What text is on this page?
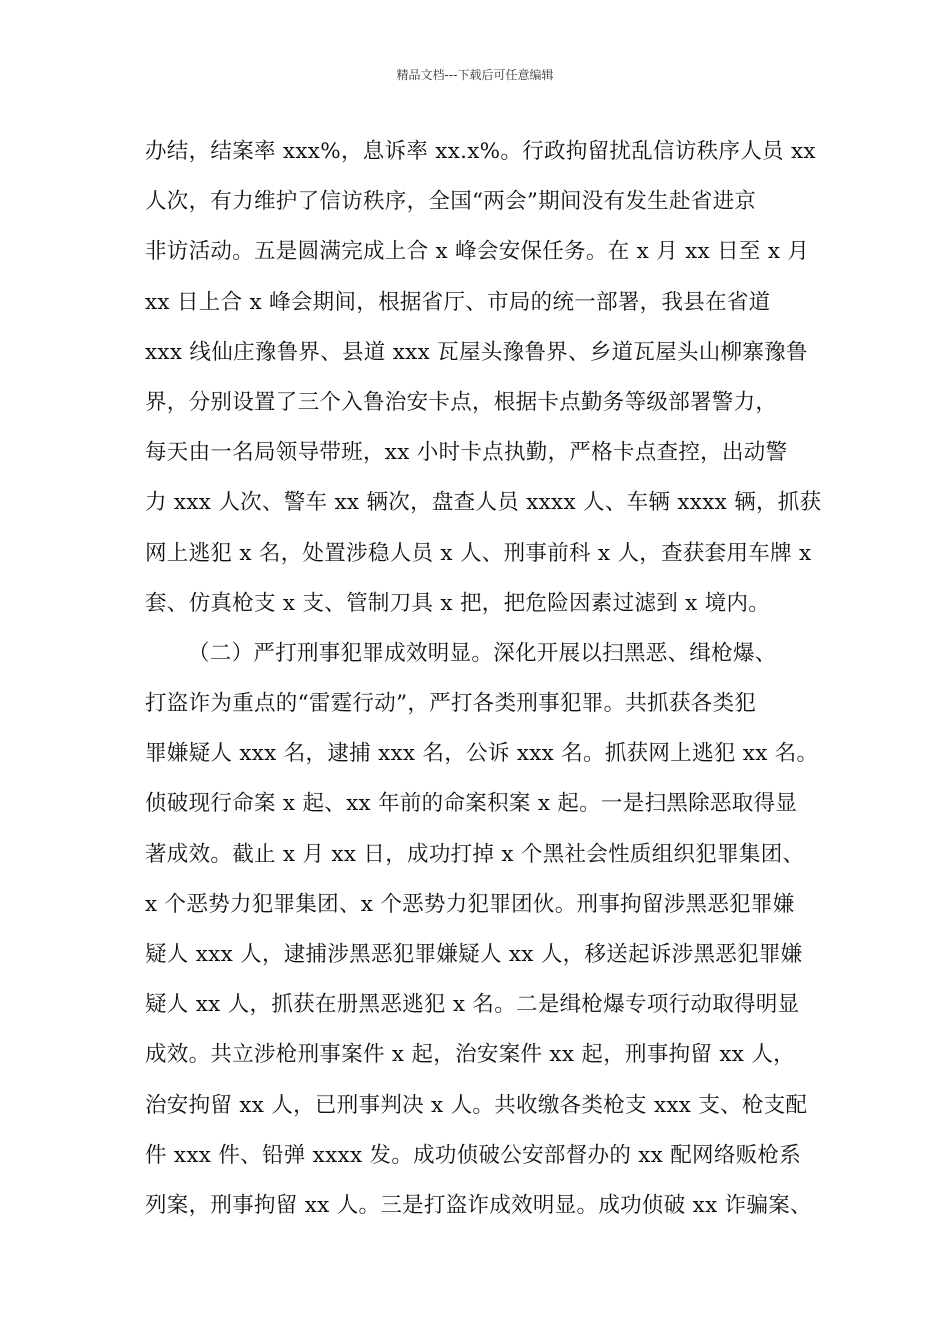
精品文档---下载后可任意编辑
办结，结案率 xxx%，息诉率 xx.x%。行政拘留扰乱信访秩序人员 xx
人次，有力维护了信访秩序，全国“两会”期间没有发生赴省进京
非访活动。五是圆满完成上合 x 峰会安保任务。在 x 月 xx 日至 x 月
xx 日上合 x 峰会期间，根据省厅、市局的统一部署，我县在省道
xxx 线仙庄豫鲁界、县道 xxx 瓦屋头豫鲁界、乡道瓦屋头山柳寨豫鲁
界，分别设置了三个入鲁治安卡点，根据卡点勤务等级部署警力，
每天由一名局领导带班，xx 小时卡点执勤，严格卡点查控，出动警
力 xxx 人次、警车 xx 辆次，盘查人员 xxxx 人、车辆 xxxx 辆，抓获
网上逃犯 x 名，处置涉稳人员 x 人、刑事前科 x 人，查获套用车牌 x
套、仿真枪支 x 支、管制刀具 x 把，把危险因素过滤到 x 境内。
（二）严打刑事犯罪成效明显。深化开展以扫黑恶、缉枪爆、
打盗诈为重点的“雷霆行动”，严打各类刑事犯罪。共抓获各类犯
罪嫌疑人 xxx 名，逮捕 xxx 名，公诉 xxx 名。抓获网上逃犯 xx 名。
侦破现行命案 x 起、xx 年前的命案积案 x 起。一是扫黑除恶取得显
著成效。截止 x 月 xx 日，成功打掉 x 个黑社会性质组织犯罪集团、
x 个恶势力犯罪集团、x 个恶势力犯罪团伙。刑事拘留涉黑恶犯罪嫌
疑人 xxx 人，逮捕涉黑恶犯罪嫌疑人 xx 人，移送起诉涉黑恶犯罪嫌
疑人 xx 人，抓获在册黑恶逃犯 x 名。二是缉枪爆专项行动取得明显
成效。共立涉枪刑事案件 x 起，治安案件 xx 起，刑事拘留 xx 人，
治安拘留 xx 人，已刑事判决 x 人。共收缴各类枪支 xxx 支、枪支配
件 xxx 件、铅弹 xxxx 发。成功侦破公安部督办的 xx 配网络贩枪系
列案，刑事拘留 xx 人。三是打盗诈成效明显。成功侦破 xx 诈骗案、
